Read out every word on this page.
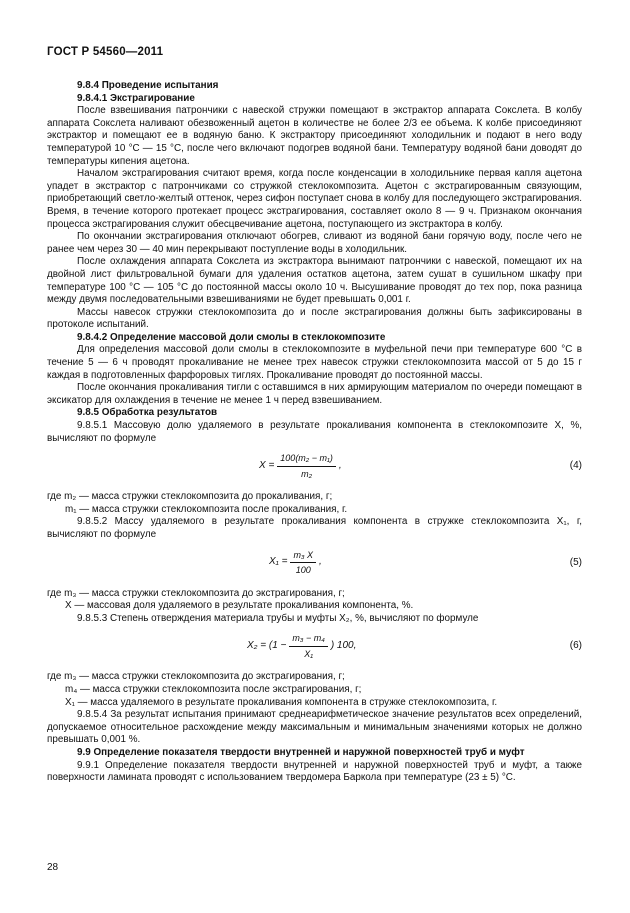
ГОСТ Р 54560—2011
9.8.4 Проведение испытания
9.8.4.1 Экстрагирование

После взвешивания патрончики с навеской стружки помещают в экстрактор аппарата Сокслета. В колбу аппарата Сокслета наливают обезвоженный ацетон в количестве не более 2/3 ее объема. К колбе присоединяют экстрактор и помещают ее в водяную баню. К экстрактору присоединяют холодильник и подают в него воду температурой 10 °С — 15 °С, после чего включают подогрев водяной бани. Температуру водяной бани доводят до температуры кипения ацетона.

Началом экстрагирования считают время, когда после конденсации в холодильнике первая капля ацетона упадет в экстрактор с патрончиками со стружкой стеклокомпозита. Ацетон с экстрагированным связующим, приобретающий светло-желтый оттенок, через сифон поступает снова в колбу для последующего экстрагирования. Время, в течение которого протекает процесс экстрагирования, составляет около 8 — 9 ч. Признаком окончания процесса экстрагирования служит обесцвечивание ацетона, поступающего из экстрактора в колбу.

По окончании экстрагирования отключают обогрев, сливают из водяной бани горячую воду, после чего не ранее чем через 30 — 40 мин перекрывают поступление воды в холодильник.

После охлаждения аппарата Сокслета из экстрактора вынимают патрончики с навеской, помещают их на двойной лист фильтровальной бумаги для удаления остатков ацетона, затем сушат в сушильном шкафу при температуре 100 °С — 105 °С до постоянной массы около 10 ч. Высушивание проводят до тех пор, пока разница между двумя последовательными взвешиваниями не будет превышать 0,001 г.

Массы навесок стружки стеклокомпозита до и после экстрагирования должны быть зафиксированы в протоколе испытаний.

9.8.4.2 Определение массовой доли смолы в стеклокомпозите

Для определения массовой доли смолы в стеклокомпозите в муфельной печи при температуре 600 °С в течение 5 — 6 ч проводят прокаливание не менее трех навесок стружки стеклокомпозита массой от 5 до 15 г каждая в подготовленных фарфоровых тиглях. Прокаливание проводят до постоянной массы.

После окончания прокаливания тигли с оставшимся в них армирующим материалом по очереди помещают в эксикатор для охлаждения в течение не менее 1 ч перед взвешиванием.

9.8.5 Обработка результатов

9.8.5.1 Массовую долю удаляемого в результате прокаливания компонента в стеклокомпозите X, %, вычисляют по формуле

$X = \frac{\text{100(m₂ − m₁)}}{\text{m₂}}$ ,	(4)
где m₂ — масса стружки стеклокомпозита до прокаливания, г;
m₁ — масса стружки стеклокомпозита после прокаливания, г.

9.8.5.2 Массу удаляемого в результате прокаливания компонента в стружке стеклокомпозита X₁, г, вычисляют по формуле

$X_1 = \frac{\text{m₃ X}}{100}$ ,	(5)
где m₃ — масса стружки стеклокомпозита до экстрагирования, г;
X — массовая доля удаляемого в результате прокаливания компонента, %.

9.8.5.3 Степень отверждения материала трубы и муфты X₂, %, вычисляют по формуле

$X_2 = (1 - \frac{\text{m₃ − m₄}}{\text{X₁}}$ ) 100,	(6)
где m₃ — масса стружки стеклокомпозита до экстрагирования, г;
m₄ — масса стружки стеклокомпозита после экстрагирования, г;
X₁ — масса удаляемого в результате прокаливания компонента в стружке стеклокомпозита, г.

9.8.5.4 За результат испытания принимают среднеарифметическое значение результатов всех определений, допускаемое относительное расхождение между максимальным и минимальным значениями которых не должно превышать 0,001 %.

9.9 Определение показателя твердости внутренней и наружной поверхностей труб и муфт

9.9.1 Определение показателя твердости внутренней и наружной поверхностей труб и муфт, а также поверхности ламината проводят с использованием твердомера Баркола при температуре (23 ± 5) °С.

28
